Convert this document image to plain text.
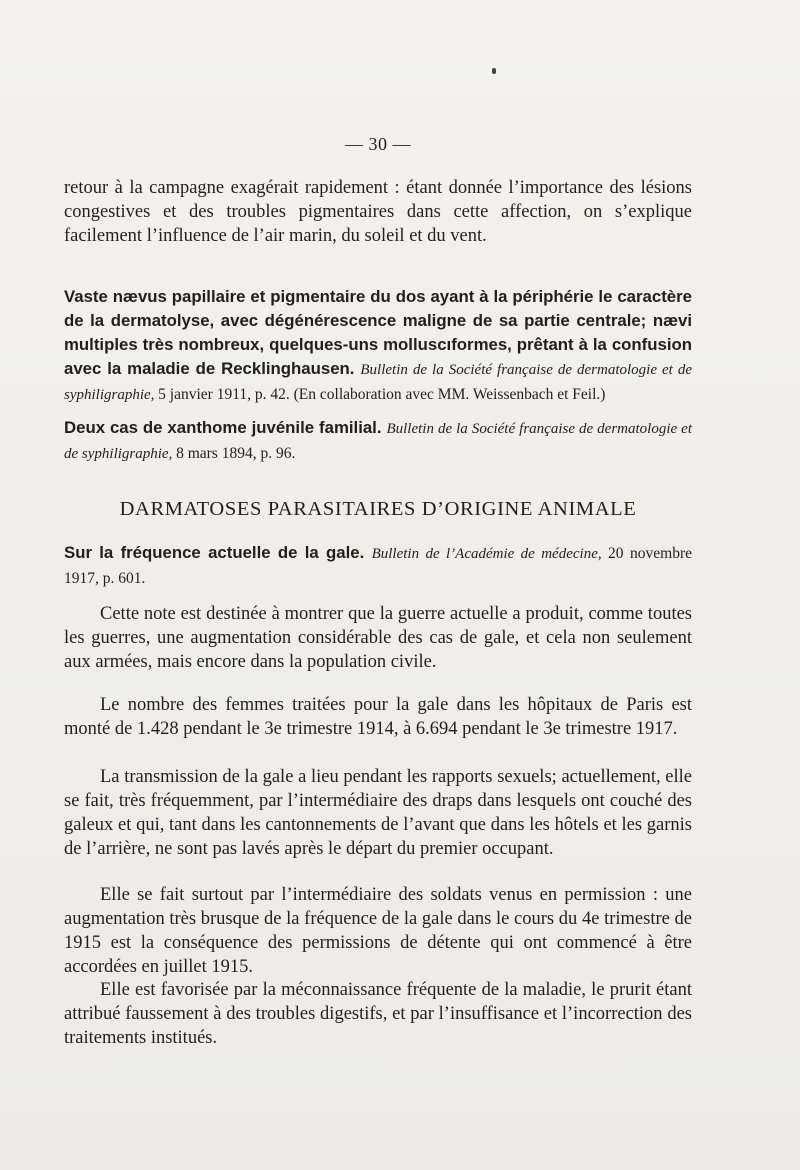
— 30 —

retour à la campagne exagérait rapidement : étant donnée l’importance des lésions congestives et des troubles pigmentaires dans cette affection, on s’explique facilement l’influence de l’air marin, du soleil et du vent.

Vaste nævus papillaire et pigmentaire du dos ayant à la périphérie le caractère de la dermatolyse, avec dégénérescence maligne de sa partie centrale; nævi multiples très nombreux, quelques-uns molluscıformes, prêtant à la confusion avec la maladie de Recklinghausen. Bulletin de la Société française de dermatologie et de syphiligraphie, 5 janvier 1911, p. 42. (En collaboration avec MM. Weissenbach et Feil.)
Deux cas de xanthome juvénile familial. Bulletin de la Société française de dermatologie et de syphiligraphie, 8 mars 1894, p. 96.
DARMATOSES PARASITAIRES D’ORIGINE ANIMALE
Sur la fréquence actuelle de la gale. Bulletin de l’Académie de médecine, 20 novembre 1917, p. 601.

Cette note est destinée à montrer que la guerre actuelle a produit, comme toutes les guerres, une augmentation considérable des cas de gale, et cela non seulement aux armées, mais encore dans la population civile.

Le nombre des femmes traitées pour la gale dans les hôpitaux de Paris est monté de 1.428 pendant le 3e trimestre 1914, à 6.694 pendant le 3e trimestre 1917.

La transmission de la gale a lieu pendant les rapports sexuels; actuellement, elle se fait, très fréquemment, par l’intermédiaire des draps dans lesquels ont couché des galeux et qui, tant dans les cantonnements de l’avant que dans les hôtels et les garnis de l’arrière, ne sont pas lavés après le départ du premier occupant.

Elle se fait surtout par l’intermédiaire des soldats venus en permission : une augmentation très brusque de la fréquence de la gale dans le cours du 4e trimestre de 1915 est la conséquence des permissions de détente qui ont commencé à être accordées en juillet 1915.

Elle est favorisée par la méconnaissance fréquente de la maladie, le prurit étant attribué faussement à des troubles digestifs, et par l’insuffisance et l’incorrection des traitements institués.
